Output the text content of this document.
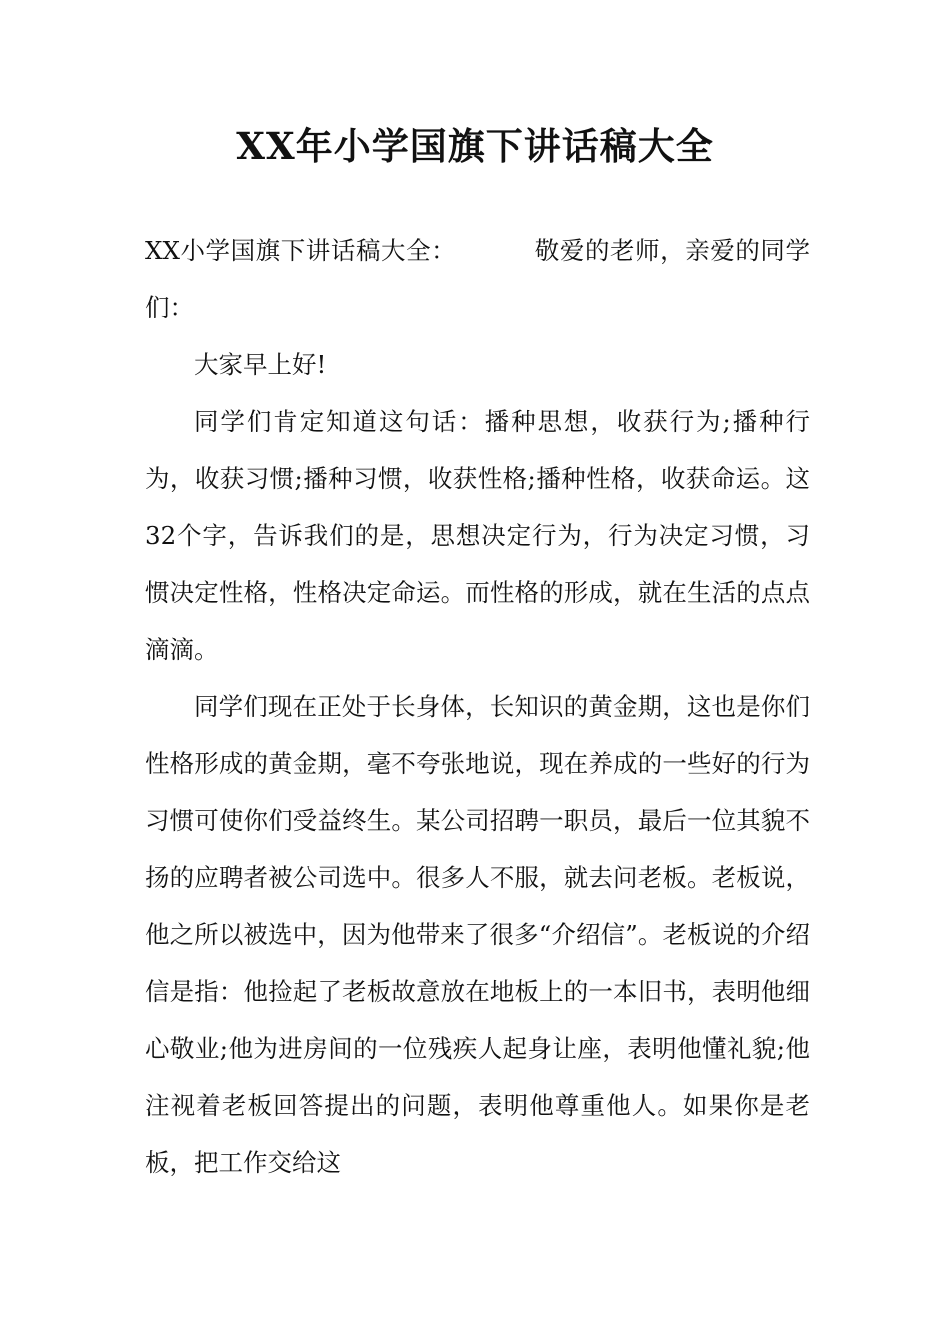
XX年小学国旗下讲话稿大全

XX小学国旗下讲话稿大全：	敬爱的老师，亲爱的同学们：

大家早上好!

同学们肯定知道这句话：播种思想，收获行为;播种行为，收获习惯;播种习惯，收获性格;播种性格，收获命运。这32个字，告诉我们的是，思想决定行为，行为决定习惯，习惯决定性格，性格决定命运。而性格的形成，就在生活的点点滴滴。

同学们现在正处于长身体，长知识的黄金期，这也是你们性格形成的黄金期，毫不夸张地说，现在养成的一些好的行为习惯可使你们受益终生。某公司招聘一职员，最后一位其貌不扬的应聘者被公司选中。很多人不服，就去问老板。老板说，他之所以被选中，因为他带来了很多“介绍信”。老板说的介绍信是指：他捡起了老板故意放在地板上的一本旧书，表明他细心敬业;他为进房间的一位残疾人起身让座，表明他懂礼貌;他注视着老板回答提出的问题，表明他尊重他人。如果你是老板，把工作交给这
